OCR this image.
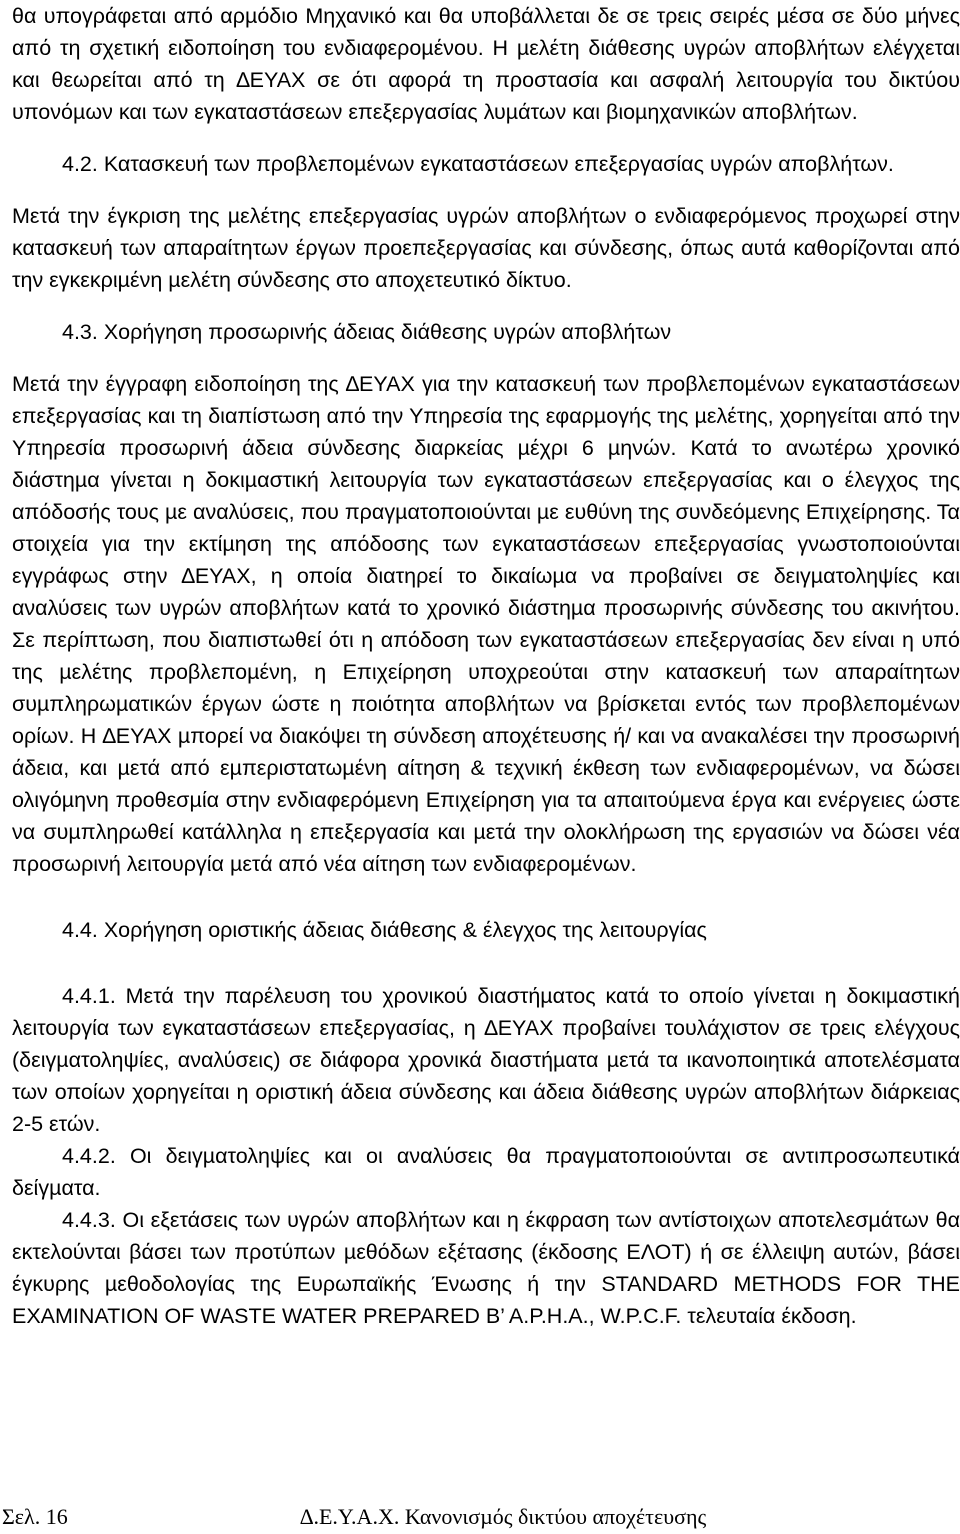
θα υπογράφεται από αρµόδιο Μηχανικό και θα υποβάλλεται δε σε τρεις σειρές µέσα σε δύο µήνες από τη σχετική ειδοποίηση του ενδιαφεροµένου. Η µελέτη διάθεσης υγρών αποβλήτων ελέγχεται και θεωρείται από τη ∆ΕΥΑΧ σε ότι αφορά τη προστασία και ασφαλή λειτουργία του δικτύου υπονόµων και των εγκαταστάσεων επεξεργασίας λυµάτων και βιοµηχανικών αποβλήτων.

4.2. Κατασκευή των προβλεποµένων εγκαταστάσεων επεξεργασίας υγρών αποβλήτων.

Μετά την έγκριση της µελέτης επεξεργασίας υγρών αποβλήτων ο ενδιαφερόµενος προχωρεί στην κατασκευή των απαραίτητων έργων προεπεξεργασίας και σύνδεσης, όπως αυτά καθορίζονται από την εγκεκριµένη µελέτη σύνδεσης στο αποχετευτικό δίκτυο.

4.3. Χορήγηση προσωρινής άδειας διάθεσης υγρών αποβλήτων

Μετά την έγγραφη ειδοποίηση της ∆ΕΥΑΧ για την κατασκευή των προβλεποµένων εγκαταστάσεων επεξεργασίας και τη διαπίστωση από την Υπηρεσία της εφαρµογής της µελέτης, χορηγείται από την Υπηρεσία προσωρινή άδεια σύνδεσης διαρκείας µέχρι 6 µηνών. Κατά το ανωτέρω χρονικό διάστηµα γίνεται η δοκιµαστική λειτουργία των εγκαταστάσεων επεξεργασίας και ο έλεγχος της απόδοσής τους µε αναλύσεις, που πραγµατοποιούνται µε ευθύνη της συνδεόµενης Επιχείρησης. Τα στοιχεία για την εκτίµηση της απόδοσης των εγκαταστάσεων επεξεργασίας γνωστοποιούνται εγγράφως στην ∆ΕΥΑΧ, η οποία διατηρεί το δικαίωµα να προβαίνει σε δειγµατοληψίες και αναλύσεις των υγρών αποβλήτων κατά το χρονικό διάστηµα προσωρινής σύνδεσης του ακινήτου. Σε περίπτωση, που διαπιστωθεί ότι η απόδοση των εγκαταστάσεων επεξεργασίας δεν είναι η υπό της µελέτης προβλεποµένη, η Επιχείρηση υποχρεούται στην κατασκευή των απαραίτητων συµπληρωµατικών έργων ώστε η ποιότητα αποβλήτων να βρίσκεται εντός των προβλεποµένων ορίων. Η ∆ΕΥΑΧ µπορεί να διακόψει τη σύνδεση αποχέτευσης ή/ και να ανακαλέσει την προσωρινή άδεια, και µετά από εµπεριστατωµένη αίτηση & τεχνική έκθεση των ενδιαφεροµένων, να δώσει ολιγόµηνη προθεσµία στην ενδιαφερόµενη Επιχείρηση για τα απαιτούµενα έργα και ενέργειες ώστε να συµπληρωθεί κατάλληλα η επεξεργασία και µετά την ολοκλήρωση της εργασιών να δώσει νέα προσωρινή λειτουργία µετά από νέα αίτηση των ενδιαφεροµένων.

4.4. Χορήγηση οριστικής άδειας διάθεσης & έλεγχος της λειτουργίας

4.4.1. Μετά την παρέλευση του χρονικού διαστήµατος κατά το οποίο γίνεται η δοκιµαστική λειτουργία των εγκαταστάσεων επεξεργασίας, η ∆ΕΥΑΧ προβαίνει τουλάχιστον σε τρεις ελέγχους (δειγµατοληψίες, αναλύσεις) σε διάφορα χρονικά διαστήµατα µετά τα ικανοποιητικά αποτελέσµατα των οποίων χορηγείται η οριστική άδεια σύνδεσης και άδεια διάθεσης υγρών αποβλήτων διάρκειας 2-5 ετών.

4.4.2. Οι δειγµατοληψίες και οι αναλύσεις θα πραγµατοποιούνται σε αντιπροσωπευτικά δείγµατα.

4.4.3. Οι εξετάσεις των υγρών αποβλήτων και η έκφραση των αντίστοιχων αποτελεσµάτων θα εκτελούνται βάσει των προτύπων µεθόδων εξέτασης (έκδοσης ΕΛΟΤ) ή σε έλλειψη αυτών, βάσει έγκυρης µεθοδολογίας της Ευρωπαϊκής Ένωσης ή την STANDARD METHODS FOR THE EXAMINATION OF WASTE WATER PREPARED B’ A.P.H.A., W.P.C.F. τελευταία έκδοση.

Σελ. 16	∆.Ε.Υ.Α.Χ. Κανονισµός δικτύου αποχέτευσης
